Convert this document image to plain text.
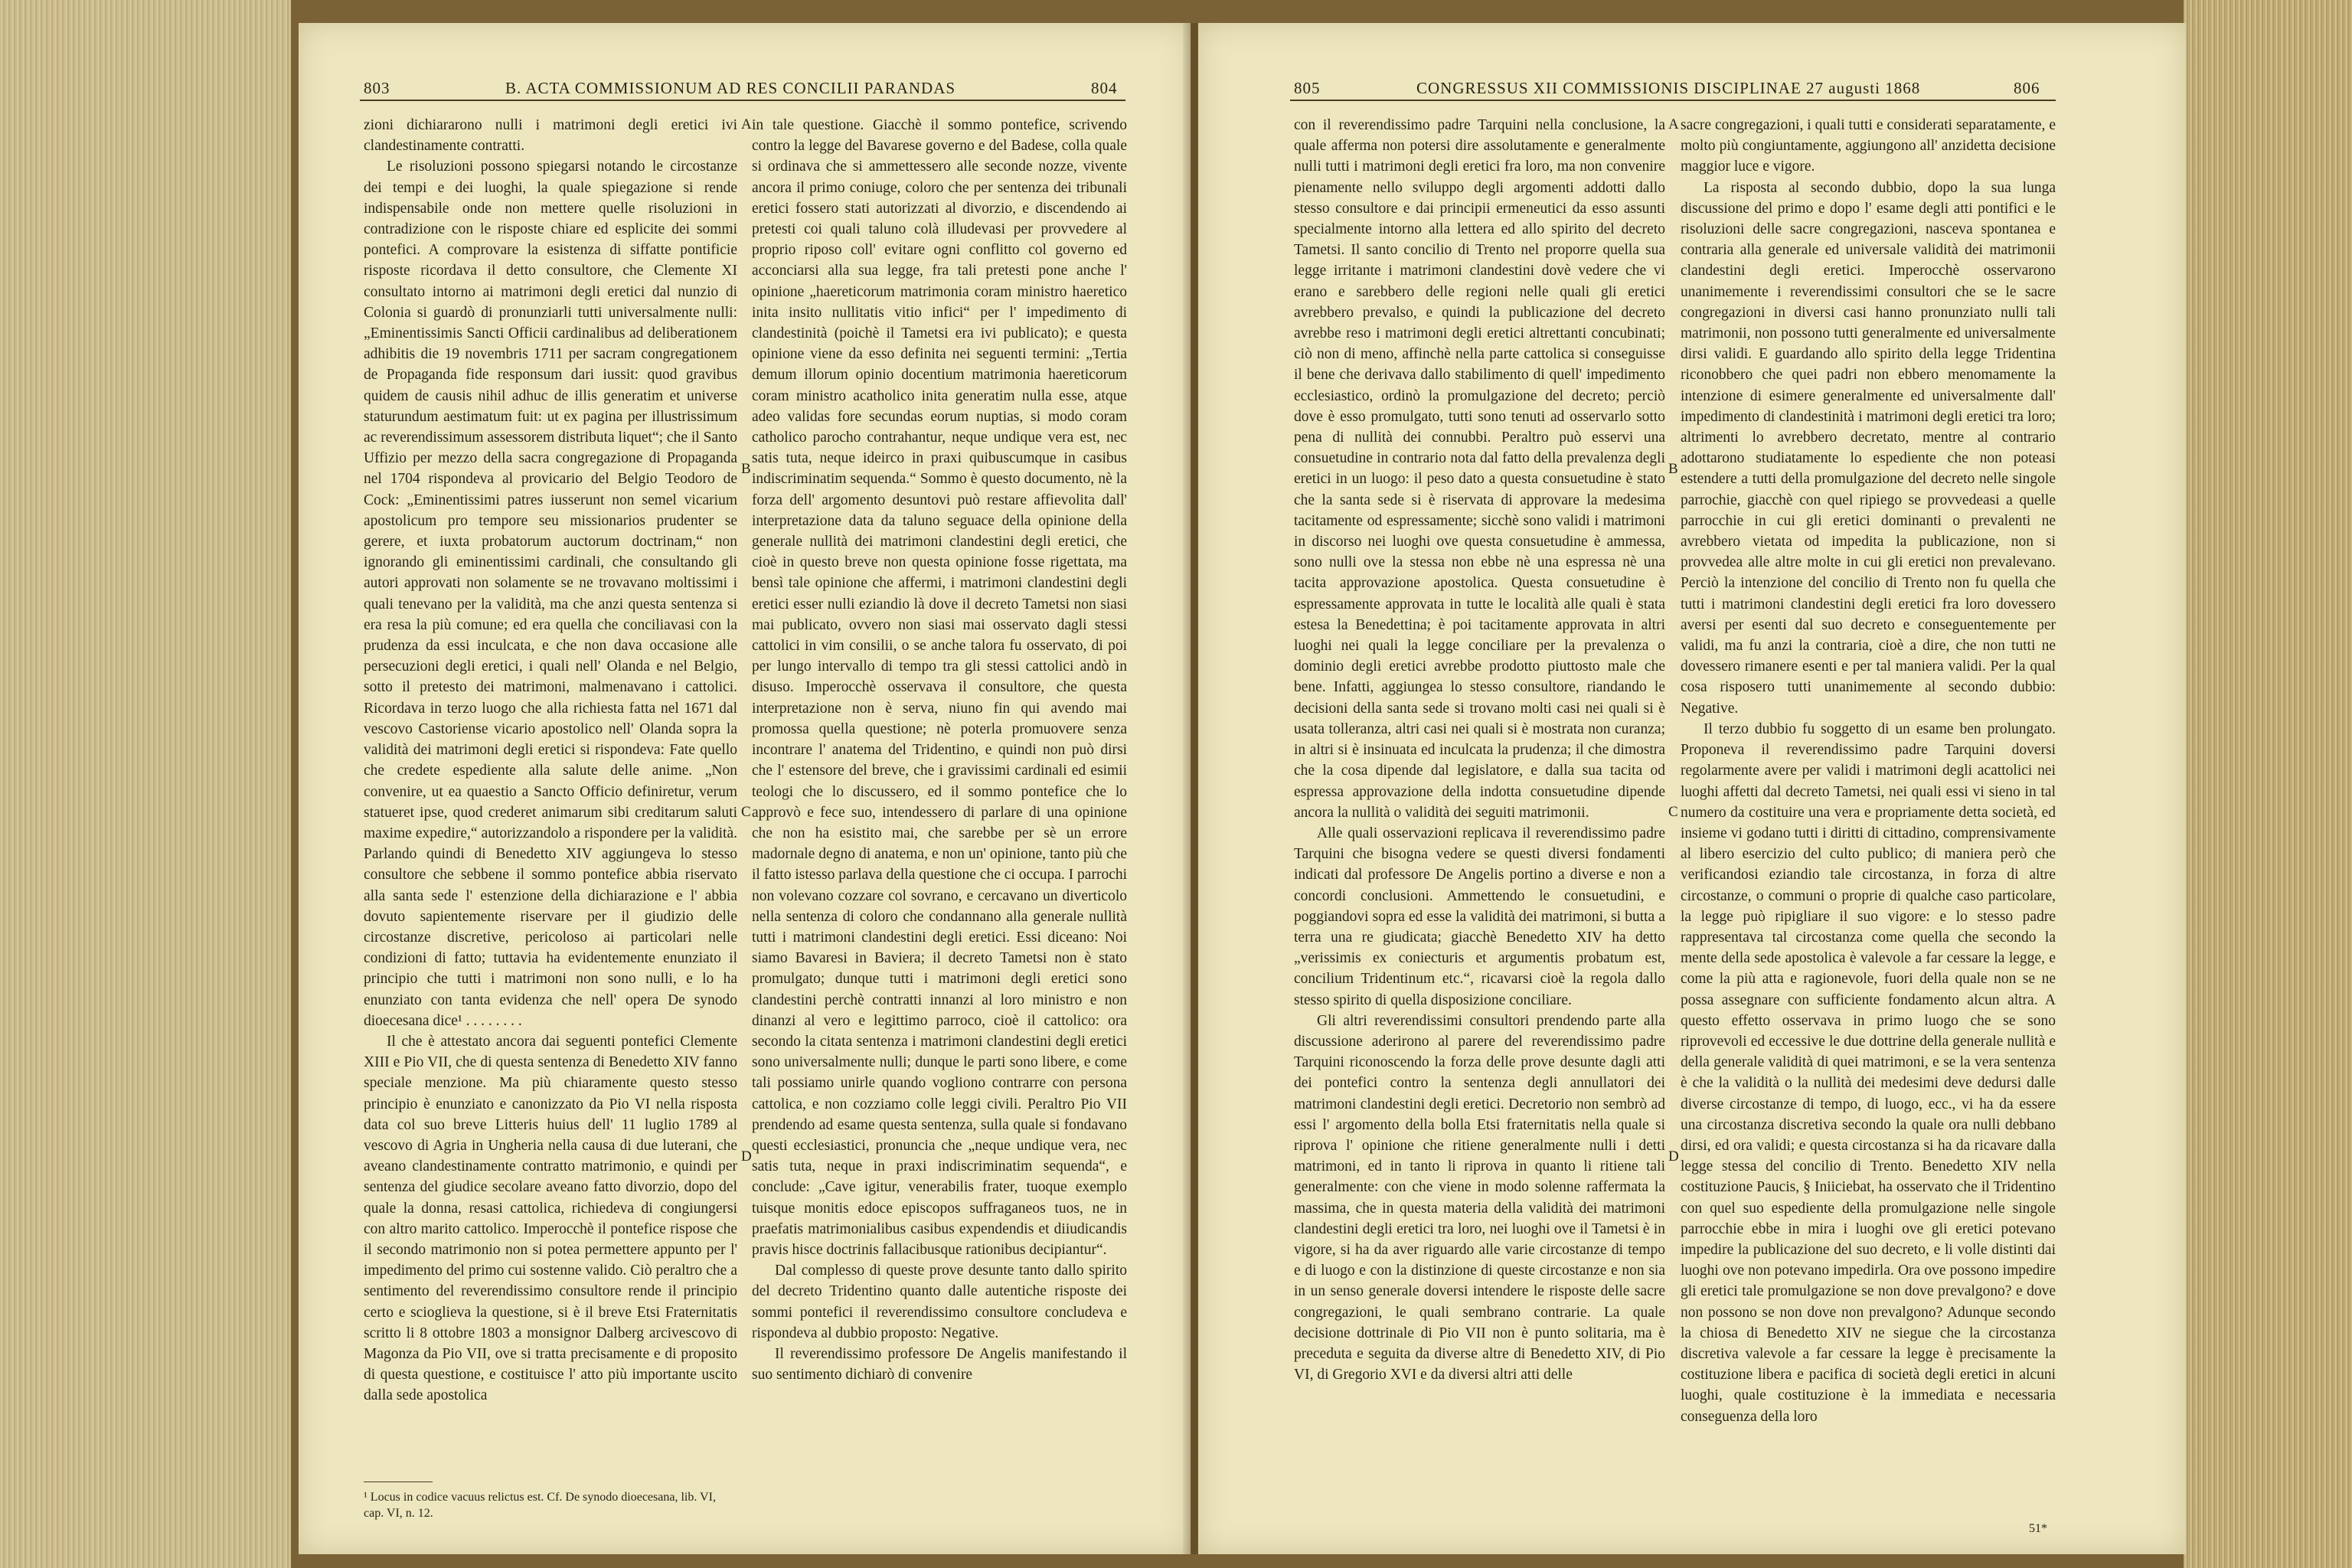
803	B. ACTA COMMISSIONUM AD RES CONCILII PARANDAS	804

zioni dichiararono nulli i matrimoni degli eretici ivi clandestinamente contratti.

Le risoluzioni possono spiegarsi notando le circostanze dei tempi e dei luoghi, la quale spiegazione si rende indispensabile onde non mettere quelle risoluzioni in contradizione con le risposte chiare ed esplicite dei sommi pontefici. A comprovare la esistenza di siffatte pontificie risposte ricordava il detto consultore, che Clemente XI consultato intorno ai matrimoni degli eretici dal nunzio di Colonia si guardò di pronunziarli tutti universalmente nulli: „Eminentissimis Sancti Officii cardinalibus ad deliberationem adhibitis die 19 novembris 1711 per sacram congregationem de Propaganda fide responsum dari iussit: quod gravibus quidem de causis nihil adhuc de illis generatim et universe staturundum aestimatum fuit: ut ex pagina per illustrissimum ac reverendissimum assessorem distributa liquet“; che il Santo Uffizio per mezzo della sacra congregazione di Propaganda nel 1704 rispondeva al provicario del Belgio Teodoro de Cock: „Eminentissimi patres iusserunt non semel vicarium apostolicum pro tempore seu missionarios prudenter se gerere, et iuxta probatorum auctorum doctrinam,“ non ignorando gli eminentissimi cardinali, che consultando gli autori approvati non solamente se ne trovavano moltissimi i quali tenevano per la validità, ma che anzi questa sentenza si era resa la più comune; ed era quella che conciliavasi con la prudenza da essi inculcata, e che non dava occasione alle persecuzioni degli eretici, i quali nell' Olanda e nel Belgio, sotto il pretesto dei matrimoni, malmenavano i cattolici. Ricordava in terzo luogo che alla richiesta fatta nel 1671 dal vescovo Castoriense vicario apostolico nell' Olanda sopra la validità dei matrimoni degli eretici si rispondeva: Fate quello che credete espediente alla salute delle anime. „Non convenire, ut ea quaestio a Sancto Officio definiretur, verum statueret ipse, quod crederet animarum sibi creditarum saluti maxime expedire,“ autorizzandolo a rispondere per la validità. Parlando quindi di Benedetto XIV aggiungeva lo stesso consultore che sebbene il sommo pontefice abbia riservato alla santa sede l' estenzione della dichiarazione e l' abbia dovuto sapientemente riservare per il giudizio delle circostanze discretive, pericoloso ai particolari nelle condizioni di fatto; tuttavia ha evidentemente enunziato il principio che tutti i matrimoni non sono nulli, e lo ha enunziato con tanta evidenza che nell' opera De synodo dioecesana dice¹ . . . . . . . .

Il che è attestato ancora dai seguenti pontefici Clemente XIII e Pio VII, che di questa sentenza di Benedetto XIV fanno speciale menzione. Ma più chiaramente questo stesso principio è enunziato e canonizzato da Pio VI nella risposta data col suo breve Litteris huius dell' 11 luglio 1789 al vescovo di Agria in Ungheria nella causa di due luterani, che aveano clandestinamente contratto matrimonio, e quindi per sentenza del giudice secolare aveano fatto divorzio, dopo del quale la donna, resasi cattolica, richiedeva di congiungersi con altro marito cattolico. Imperocchè il pontefice rispose che il secondo matrimonio non si potea permettere appunto per l' impedimento del primo cui sostenne valido. Ciò peraltro che a sentimento del reverendissimo consultore rende il principio certo e scioglieva la questione, si è il breve Etsi Fraternitatis scritto li 8 ottobre 1803 a monsignor Dalberg arcivescovo di Magonza da Pio VII, ove si tratta precisamente e di proposito di questa questione, e costituisce l' atto più importante uscito dalla sede apostolica

¹ Locus in codice vacuus relictus est. Cf. De synodo dioecesana, lib. VI, cap. VI, n. 12.

in tale questione. Giacchè il sommo pontefice, scrivendo contro la legge del Bavarese governo e del Badese, colla quale si ordinava che si ammettessero alle seconde nozze, vivente ancora il primo coniuge, coloro che per sentenza dei tribunali eretici fossero stati autorizzati al divorzio, e discendendo ai pretesti coi quali taluno colà illudevasi per provvedere al proprio riposo coll' evitare ogni conflitto col governo ed acconciarsi alla sua legge, fra tali pretesti pone anche l' opinione „haereticorum matrimonia coram ministro haeretico inita insito nullitatis vitio infici“ per l' impedimento di clandestinità (poichè il Tametsi era ivi publicato); e questa opinione viene da esso definita nei seguenti termini: „Tertia demum illorum opinio docentium matrimonia haereticorum coram ministro acatholico inita generatim nulla esse, atque adeo validas fore secundas eorum nuptias, si modo coram catholico parocho contrahantur, neque undique vera est, nec satis tuta, neque ideirco in praxi quibuscumque in casibus indiscriminatim sequenda.“ Sommo è questo documento, nè la forza dell' argomento desuntovi può restare affievolita dall' interpretazione data da taluno seguace della opinione della generale nullità dei matrimoni clandestini degli eretici, che cioè in questo breve non questa opinione fosse rigettata, ma bensì tale opinione che affermi, i matrimoni clandestini degli eretici esser nulli eziandio là dove il decreto Tametsi non siasi mai publicato, ovvero non siasi mai osservato dagli stessi cattolici in vim consilii, o se anche talora fu osservato, di poi per lungo intervallo di tempo tra gli stessi cattolici andò in disuso. Imperocchè osservava il consultore, che questa interpretazione non è serva, niuno fin qui avendo mai promossa quella questione; nè poterla promuovere senza incontrare l' anatema del Tridentino, e quindi non può dirsi che l' estensore del breve, che i gravissimi cardinali ed esimii teologi che lo discussero, ed il sommo pontefice che lo approvò e fece suo, intendessero di parlare di una opinione che non ha esistito mai, che sarebbe per sè un errore madornale degno di anatema, e non un' opinione, tanto più che il fatto istesso parlava della questione che ci occupa. I parrochi non volevano cozzare col sovrano, e cercavano un diverticolo nella sentenza di coloro che condannano alla generale nullità tutti i matrimoni clandestini degli eretici. Essi diceano: Noi siamo Bavaresi in Baviera; il decreto Tametsi non è stato promulgato; dunque tutti i matrimoni degli eretici sono clandestini perchè contratti innanzi al loro ministro e non dinanzi al vero e legittimo parroco, cioè il cattolico: ora secondo la citata sentenza i matrimoni clandestini degli eretici sono universalmente nulli; dunque le parti sono libere, e come tali possiamo unirle quando vogliono contrarre con persona cattolica, e non cozziamo colle leggi civili. Peraltro Pio VII prendendo ad esame questa sentenza, sulla quale si fondavano questi ecclesiastici, pronuncia che „neque undique vera, nec satis tuta, neque in praxi indiscriminatim sequenda“, e conclude: „Cave igitur, venerabilis frater, tuoque exemplo tuisque monitis edoce episcopos suffraganeos tuos, ne in praefatis matrimonialibus casibus expendendis et diiudicandis pravis hisce doctrinis fallacibusque rationibus decipiantur“.

Dal complesso di queste prove desunte tanto dallo spirito del decreto Tridentino quanto dalle autentiche risposte dei sommi pontefici il reverendissimo consultore concludeva e rispondeva al dubbio proposto: Negative.

Il reverendissimo professore De Angelis manifestando il suo sentimento dichiarò di convenire

A
B
C
D
805	CONGRESSUS XII COMMISSIONIS DISCIPLINAE 27 augusti 1868	806

con il reverendissimo padre Tarquini nella conclusione, la quale afferma non potersi dire assolutamente e generalmente nulli tutti i matrimoni degli eretici fra loro, ma non convenire pienamente nello sviluppo degli argomenti addotti dallo stesso consultore e dai principii ermeneutici da esso assunti specialmente intorno alla lettera ed allo spirito del decreto Tametsi. Il santo concilio di Trento nel proporre quella sua legge irritante i matrimoni clandestini dovè vedere che vi erano e sarebbero delle regioni nelle quali gli eretici avrebbero prevalso, e quindi la publicazione del decreto avrebbe reso i matrimoni degli eretici altrettanti concubinati; ciò non di meno, affinchè nella parte cattolica si conseguisse il bene che derivava dallo stabilimento di quell' impedimento ecclesiastico, ordinò la promulgazione del decreto; perciò dove è esso promulgato, tutti sono tenuti ad osservarlo sotto pena di nullità dei connubbi. Peraltro può esservi una consuetudine in contrario nota dal fatto della prevalenza degli eretici in un luogo: il peso dato a questa consuetudine è stato che la santa sede si è riservata di approvare la medesima tacitamente od espressamente; sicchè sono validi i matrimoni in discorso nei luoghi ove questa consuetudine è ammessa, sono nulli ove la stessa non ebbe nè una espressa nè una tacita approvazione apostolica. Questa consuetudine è espressamente approvata in tutte le località alle quali è stata estesa la Benedettina; è poi tacitamente approvata in altri luoghi nei quali la legge conciliare per la prevalenza o dominio degli eretici avrebbe prodotto piuttosto male che bene. Infatti, aggiungea lo stesso consultore, riandando le decisioni della santa sede si trovano molti casi nei quali si è usata tolleranza, altri casi nei quali si è mostrata non curanza; in altri si è insinuata ed inculcata la prudenza; il che dimostra che la cosa dipende dal legislatore, e dalla sua tacita od espressa approvazione della indotta consuetudine dipende ancora la nullità o validità dei seguiti matrimonii.

Alle quali osservazioni replicava il reverendissimo padre Tarquini che bisogna vedere se questi diversi fondamenti indicati dal professore De Angelis portino a diverse e non a concordi conclusioni. Ammettendo le consuetudini, e poggiandovi sopra ed esse la validità dei matrimoni, si butta a terra una re giudicata; giacchè Benedetto XIV ha detto „verissimis ex coniecturis et argumentis probatum est, concilium Tridentinum etc.“, ricavarsi cioè la regola dallo stesso spirito di quella disposizione conciliare.

Gli altri reverendissimi consultori prendendo parte alla discussione aderirono al parere del reverendissimo padre Tarquini riconoscendo la forza delle prove desunte dagli atti dei pontefici contro la sentenza degli annullatori dei matrimoni clandestini degli eretici. Decretorio non sembrò ad essi l' argomento della bolla Etsi fraternitatis nella quale si riprova l' opinione che ritiene generalmente nulli i detti matrimoni, ed in tanto li riprova in quanto li ritiene tali generalmente: con che viene in modo solenne raffermata la massima, che in questa materia della validità dei matrimoni clandestini degli eretici tra loro, nei luoghi ove il Tametsi è in vigore, si ha da aver riguardo alle varie circostanze di tempo e di luogo e con la distinzione di queste circostanze e non sia in un senso generale doversi intendere le risposte delle sacre congregazioni, le quali sembrano contrarie. La quale decisione dottrinale di Pio VII non è punto solitaria, ma è preceduta e seguita da diverse altre di Benedetto XIV, di Pio VI, di Gregorio XVI e da diversi altri atti delle

sacre congregazioni, i quali tutti e considerati separatamente, e molto più congiuntamente, aggiungono all' anzidetta decisione maggior luce e vigore.

La risposta al secondo dubbio, dopo la sua lunga discussione del primo e dopo l' esame degli atti pontifici e le risoluzioni delle sacre congregazioni, nasceva spontanea e contraria alla generale ed universale validità dei matrimonii clandestini degli eretici. Imperocchè osservarono unanimemente i reverendissimi consultori che se le sacre congregazioni in diversi casi hanno pronunziato nulli tali matrimonii, non possono tutti generalmente ed universalmente dirsi validi. E guardando allo spirito della legge Tridentina riconobbero che quei padri non ebbero menomamente la intenzione di esimere generalmente ed universalmente dall' impedimento di clandestinità i matrimoni degli eretici tra loro; altrimenti lo avrebbero decretato, mentre al contrario adottarono studiatamente lo espediente che non poteasi estendere a tutti della promulgazione del decreto nelle singole parrochie, giacchè con quel ripiego se provvedeasi a quelle parrocchie in cui gli eretici dominanti o prevalenti ne avrebbero vietata od impedita la publicazione, non si provvedea alle altre molte in cui gli eretici non prevalevano. Perciò la intenzione del concilio di Trento non fu quella che tutti i matrimoni clandestini degli eretici fra loro dovessero aversi per esenti dal suo decreto e conseguentemente per validi, ma fu anzi la contraria, cioè a dire, che non tutti ne dovessero rimanere esenti e per tal maniera validi. Per la qual cosa risposero tutti unanimemente al secondo dubbio: Negative.

Il terzo dubbio fu soggetto di un esame ben prolungato. Proponeva il reverendissimo padre Tarquini doversi regolarmente avere per validi i matrimoni degli acattolici nei luoghi affetti dal decreto Tametsi, nei quali essi vi sieno in tal numero da costituire una vera e propriamente detta società, ed insieme vi godano tutti i diritti di cittadino, comprensivamente al libero esercizio del culto publico; di maniera però che verificandosi eziandio tale circostanza, in forza di altre circostanze, o communi o proprie di qualche caso particolare, la legge può ripigliare il suo vigore: e lo stesso padre rappresentava tal circostanza come quella che secondo la mente della sede apostolica è valevole a far cessare la legge, e come la più atta e ragionevole, fuori della quale non se ne possa assegnare con sufficiente fondamento alcun altra. A questo effetto osservava in primo luogo che se sono riprovevoli ed eccessive le due dottrine della generale nullità e della generale validità di quei matrimoni, e se la vera sentenza è che la validità o la nullità dei medesimi deve dedursi dalle diverse circostanze di tempo, di luogo, ecc., vi ha da essere una circostanza discretiva secondo la quale ora nulli debbano dirsi, ed ora validi; e questa circostanza si ha da ricavare dalla legge stessa del concilio di Trento. Benedetto XIV nella costituzione Paucis, § Iniiciebat, ha osservato che il Tridentino con quel suo espediente della promulgazione nelle singole parrocchie ebbe in mira i luoghi ove gli eretici potevano impedire la publicazione del suo decreto, e li volle distinti dai luoghi ove non potevano impedirla. Ora ove possono impedire gli eretici tale promulgazione se non dove prevalgono? e dove non possono se non dove non prevalgono? Adunque secondo la chiosa di Benedetto XIV ne siegue che la circostanza discretiva valevole a far cessare la legge è precisamente la costituzione libera e pacifica di società degli eretici in alcuni luoghi, quale costituzione è la immediata e necessaria conseguenza della loro

A
B
C
D
51*
